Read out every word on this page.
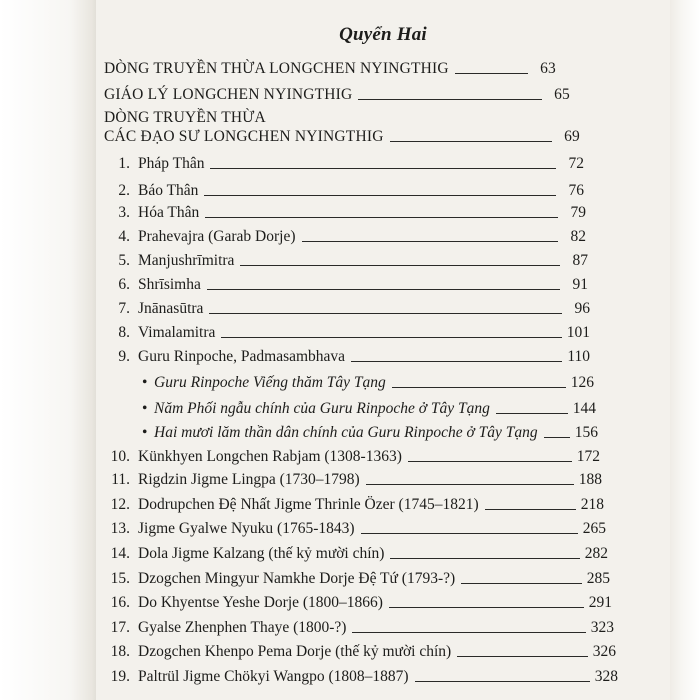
Quyển Hai
DÒNG TRUYỀN THỪA LONGCHEN NYINGTHIG	63
GIÁO LÝ LONGCHEN NYINGTHIG	65
DÒNG TRUYỀN THỪA
CÁC ĐẠO SƯ LONGCHEN NYINGTHIG	69
1. Pháp Thân	72
2. Báo Thân	76
3. Hóa Thân	79
4. Prahevajra (Garab Dorje)	82
5. Manjushrīmitra	87
6. Shrīsimha	91
7. Jnānasūtra	96
8. Vimalamitra	101
9. Guru Rinpoche, Padmasambhava	110
• Guru Rinpoche Viếng thăm Tây Tạng	126
• Năm Phối ngẫu chính của Guru Rinpoche ở Tây Tạng	144
• Hai mươi lăm thần dân chính của Guru Rinpoche ở Tây Tạng 156
10. Künkhyen Longchen Rabjam (1308-1363)	172
11. Rigdzin Jigme Lingpa (1730–1798)	188
12. Dodrupchen Đệ Nhất Jigme Thrinle Özer (1745–1821)	218
13. Jigme Gyalwe Nyuku (1765-1843)	265
14. Dola Jigme Kalzang (thế kỷ mười chín)	282
15. Dzogchen Mingyur Namkhe Dorje Đệ Tứ (1793-?)	285
16. Do Khyentse Yeshe Dorje (1800–1866)	291
17. Gyalse Zhenphen Thaye (1800-?)	323
18. Dzogchen Khenpo Pema Dorje (thế kỷ mười chín)	326
19. Paltrül Jigme Chökyi Wangpo (1808–1887)	328
